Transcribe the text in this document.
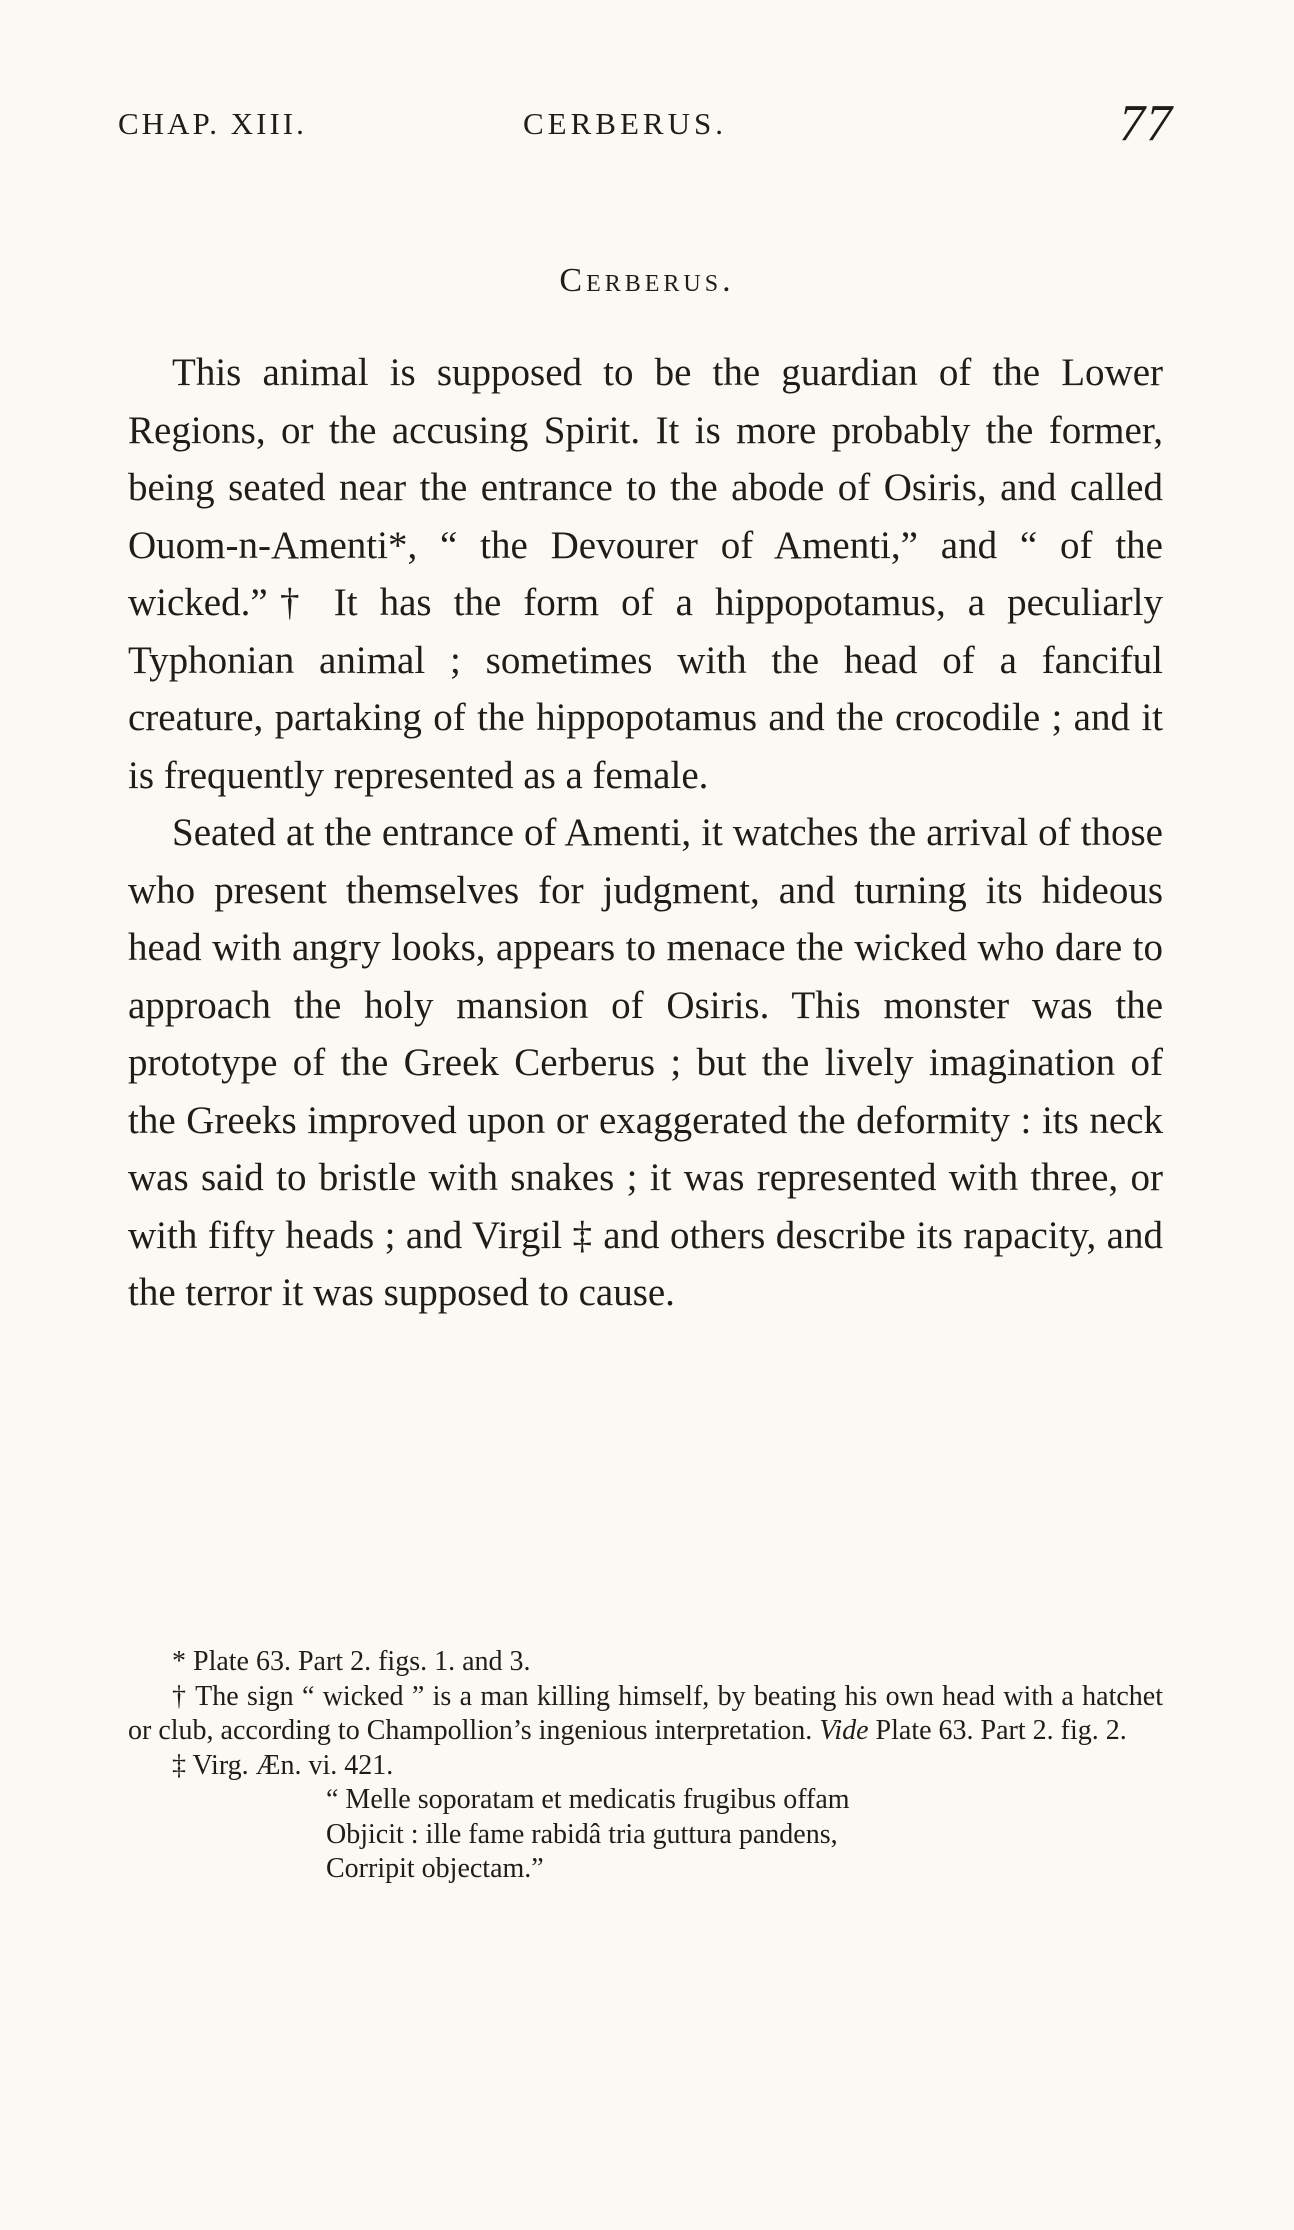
CHAP. XIII.	CERBERUS.	77
Cerberus.

This animal is supposed to be the guardian of the Lower Regions, or the accusing Spirit. It is more probably the former, being seated near the entrance to the abode of Osiris, and called Ouom-n-Amenti*, “ the Devourer of Amenti,” and “ of the wicked.”† It has the form of a hippopotamus, a peculiarly Typhonian animal ; sometimes with the head of a fanciful creature, partaking of the hippopotamus and the crocodile ; and it is frequently represented as a female.

Seated at the entrance of Amenti, it watches the arrival of those who present themselves for judgment, and turning its hideous head with angry looks, appears to menace the wicked who dare to approach the holy mansion of Osiris. This monster was the prototype of the Greek Cerberus ; but the lively imagination of the Greeks improved upon or exaggerated the deformity : its neck was said to bristle with snakes ; it was represented with three, or with fifty heads ; and Virgil ‡ and others describe its rapacity, and the terror it was supposed to cause.

* Plate 63. Part 2. figs. 1. and 3.

† The sign “ wicked ” is a man killing himself, by beating his own head with a hatchet or club, according to Champollion’s ingenious interpretation. Vide Plate 63. Part 2. fig. 2.

‡ Virg. Æn. vi. 421.

“ Melle soporatam et medicatis frugibus offam
Objicit : ille fame rabidâ tria guttura pandens,
Corripit objectam.”
